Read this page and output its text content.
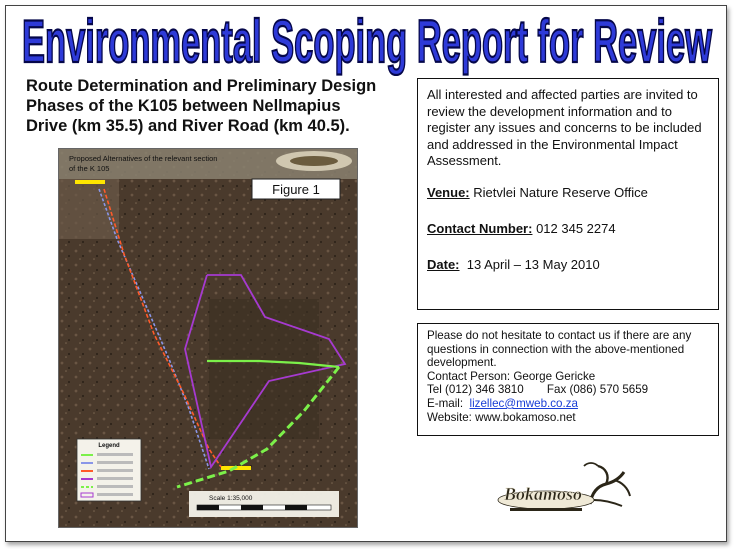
Environmental Scoping Report for Review
Route Determination and Preliminary Design
Phases of the K105 between Nellmapius
Drive (km 35.5) and River Road (km 40.5).
Proposed Alternatives of the relevant section
of the K 105
Figure 1
Legend
Scale 1:35,000

All interested and affected parties are invited to review the development information and to register any issues and concerns to be included and addressed in the Environmental Impact Assessment.

Venue: Rietvlei Nature Reserve Office
Contact Number: 012 345 2274
Date: 13 April – 13 May 2010
Please do not hesitate to contact us if there are any questions in connection with the above-mentioned development.
Contact Person: George Gericke
Tel (012) 346 3810 Fax (086) 570 5659
E-mail: lizellec@mweb.co.za
Website: www.bokamoso.net
Bokamoso
